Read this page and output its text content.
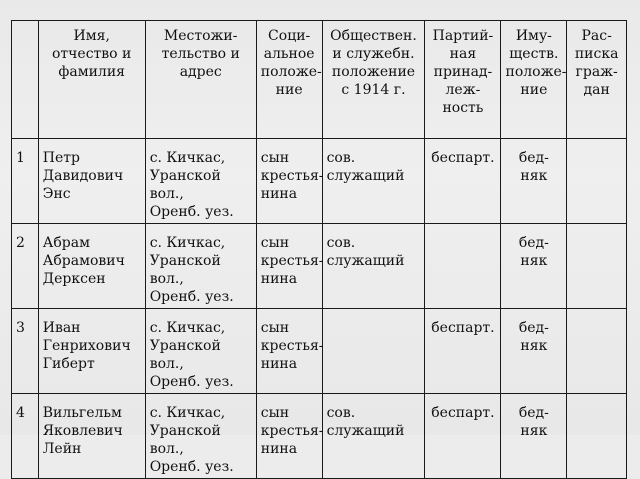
	Имя,
отчество и
фамилия	Местожи-
тельство и
адрес	Соци-
альное
положе-
ние	Обществен.
и служебн.
положение
с 1914 г.	Партий-
ная
принад-
леж-
ность	Иму-
ществ.
положе-
ние	Рас-
писка
граж-
дан
1	Петр
Давидович
Энс	с. Кичкас,
Уранской вол.,
Оренб. уез.	сын
крестья-
нина	сов.
служащий	беспарт.	бед-
няк	
2	Абрам
Абрамович
Дерксен	с. Кичкас,
Уранской вол.,
Оренб. уез.	сын
крестья-
нина	сов.
служащий		бед-
няк	
3	Иван
Генрихович
Гиберт	с. Кичкас,
Уранской вол.,
Оренб. уез.	сын
крестья-
нина		беспарт.	бед-
няк	
4	Вильгельм
Яковлевич
Лейн	с. Кичкас,
Уранской вол.,
Оренб. уез.	сын
крестья-
нина	сов.
служащий	беспарт.	бед-
няк	
